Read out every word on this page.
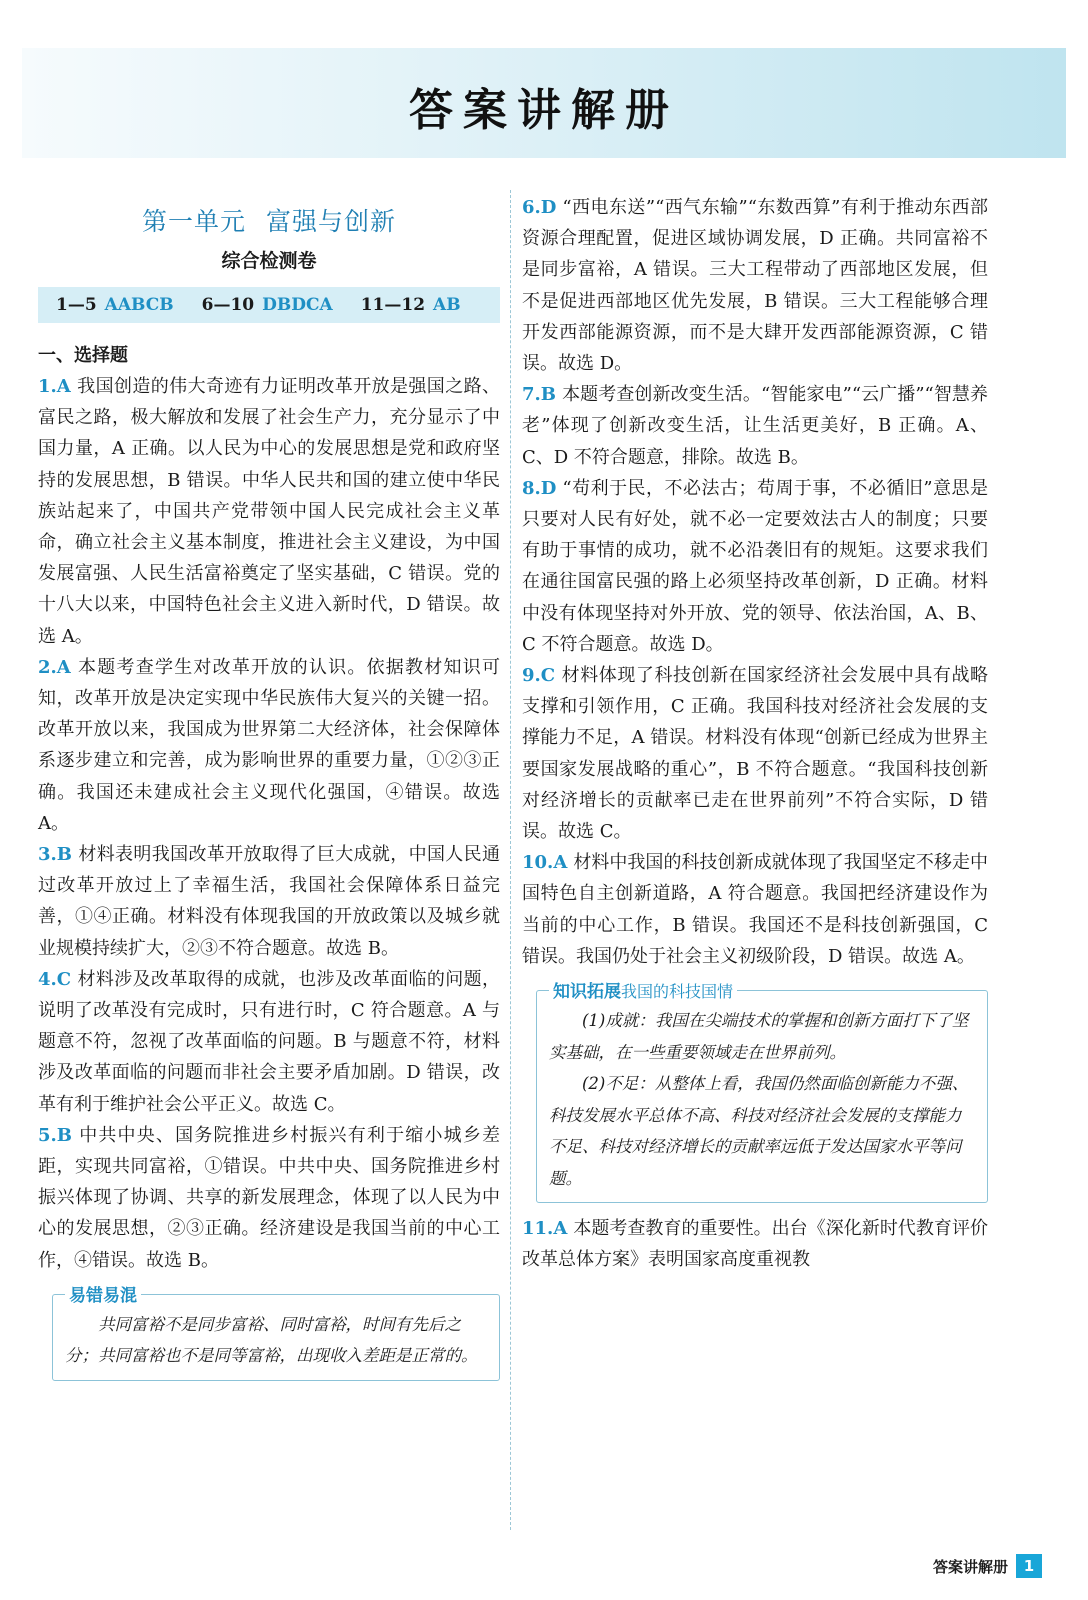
答案讲解册
第一单元 富强与创新
综合检测卷
1—5 AABCB 6—10 DBDCA 11—12 AB
一、选择题

1.A 我国创造的伟大奇迹有力证明改革开放是强国之路、富民之路，极大解放和发展了社会生产力，充分显示了中国力量，A 正确。以人民为中心的发展思想是党和政府坚持的发展思想，B 错误。中华人民共和国的建立使中华民族站起来了，中国共产党带领中国人民完成社会主义革命，确立社会主义基本制度，推进社会主义建设，为中国发展富强、人民生活富裕奠定了坚实基础，C 错误。党的十八大以来，中国特色社会主义进入新时代，D 错误。故选 A。

2.A 本题考查学生对改革开放的认识。依据教材知识可知，改革开放是决定实现中华民族伟大复兴的关键一招。改革开放以来，我国成为世界第二大经济体，社会保障体系逐步建立和完善，成为影响世界的重要力量，①②③正确。我国还未建成社会主义现代化强国，④错误。故选 A。

3.B 材料表明我国改革开放取得了巨大成就，中国人民通过改革开放过上了幸福生活，我国社会保障体系日益完善，①④正确。材料没有体现我国的开放政策以及城乡就业规模持续扩大，②③不符合题意。故选 B。

4.C 材料涉及改革取得的成就，也涉及改革面临的问题，说明了改革没有完成时，只有进行时，C 符合题意。A 与题意不符，忽视了改革面临的问题。B 与题意不符，材料涉及改革面临的问题而非社会主要矛盾加剧。D 错误，改革有利于维护社会公平正义。故选 C。

5.B 中共中央、国务院推进乡村振兴有利于缩小城乡差距，实现共同富裕，①错误。中共中央、国务院推进乡村振兴体现了协调、共享的新发展理念，体现了以人民为中心的发展思想，②③正确。经济建设是我国当前的中心工作，④错误。故选 B。

易错易混

共同富裕不是同步富裕、同时富裕，时间有先后之分；共同富裕也不是同等富裕，出现收入差距是正常的。

6.D “西电东送”“西气东输”“东数西算”有利于推动东西部资源合理配置，促进区域协调发展，D 正确。共同富裕不是同步富裕，A 错误。三大工程带动了西部地区发展，但不是促进西部地区优先发展，B 错误。三大工程能够合理开发西部能源资源，而不是大肆开发西部能源资源，C 错误。故选 D。

7.B 本题考查创新改变生活。“智能家电”“云广播”“智慧养老”体现了创新改变生活，让生活更美好，B 正确。A、C、D 不符合题意，排除。故选 B。

8.D “苟利于民，不必法古；苟周于事，不必循旧”意思是只要对人民有好处，就不必一定要效法古人的制度；只要有助于事情的成功，就不必沿袭旧有的规矩。这要求我们在通往国富民强的路上必须坚持改革创新，D 正确。材料中没有体现坚持对外开放、党的领导、依法治国，A、B、C 不符合题意。故选 D。

9.C 材料体现了科技创新在国家经济社会发展中具有战略支撑和引领作用，C 正确。我国科技对经济社会发展的支撑能力不足，A 错误。材料没有体现“创新已经成为世界主要国家发展战略的重心”，B 不符合题意。“我国科技创新对经济增长的贡献率已走在世界前列”不符合实际，D 错误。故选 C。

10.A 材料中我国的科技创新成就体现了我国坚定不移走中国特色自主创新道路，A 符合题意。我国把经济建设作为当前的中心工作，B 错误。我国还不是科技创新强国，C 错误。我国仍处于社会主义初级阶段，D 错误。故选 A。

知识拓展我国的科技国情

(1)成就：我国在尖端技术的掌握和创新方面打下了坚实基础，在一些重要领域走在世界前列。

(2)不足：从整体上看，我国仍然面临创新能力不强、科技发展水平总体不高、科技对经济社会发展的支撑能力不足、科技对经济增长的贡献率远低于发达国家水平等问题。

11.A 本题考查教育的重要性。出台《深化新时代教育评价改革总体方案》表明国家高度重视教

答案讲解册	1
